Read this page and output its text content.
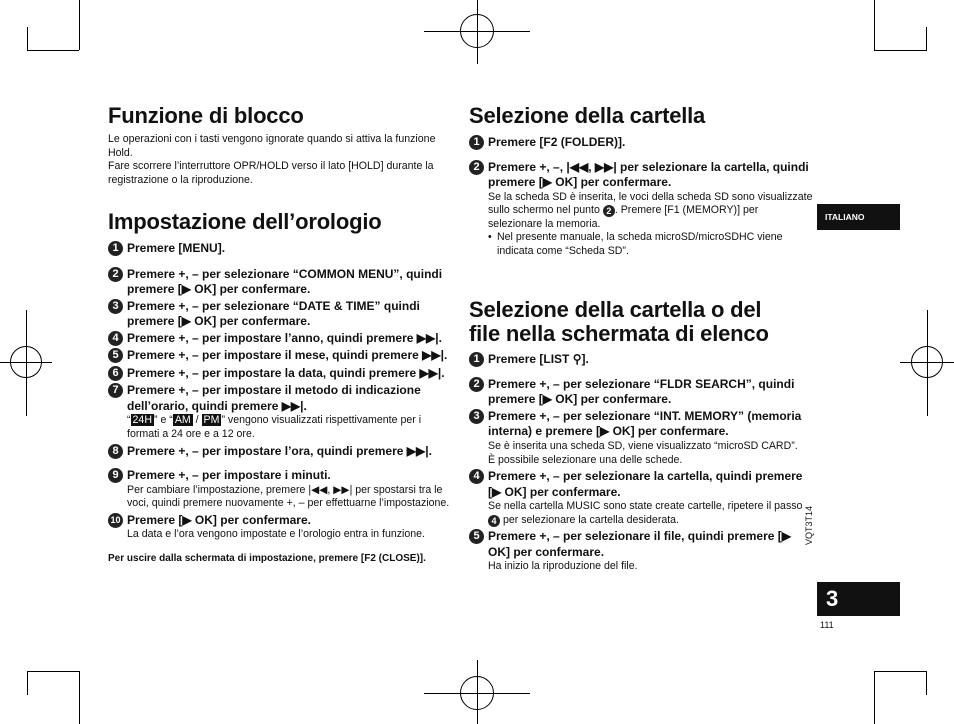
Funzione di blocco
Le operazioni con i tasti vengono ignorate quando si attiva la funzione Hold.
Fare scorrere l’interruttore OPR/HOLD verso il lato [HOLD] durante la registrazione o la riproduzione.
Impostazione dell’orologio
1 Premere [MENU].
2 Premere +, – per selezionare “COMMON MENU”, quindi premere [▶ OK] per confermare.
3 Premere +, – per selezionare “DATE & TIME” quindi premere [▶ OK] per confermare.
4 Premere +, – per impostare l’anno, quindi premere ▶▶|.
5 Premere +, – per impostare il mese, quindi premere ▶▶|.
6 Premere +, – per impostare la data, quindi premere ▶▶|.
7 Premere +, – per impostare il metodo di indicazione dell’orario, quindi premere ▶▶|.
“ 24H ” e “ AM / PM ” vengono visualizzati rispettivamente per i formati a 24 ore e a 12 ore.
8 Premere +, – per impostare l’ora, quindi premere ▶▶|.
9 Premere +, – per impostare i minuti.
Per cambiare l’impostazione, premere |◀◀, ▶▶| per spostarsi tra le voci, quindi premere nuovamente +, – per effettuarne l’impostazione.
10 Premere [▶ OK] per confermare.
La data e l’ora vengono impostate e l’orologio entra in funzione.
Per uscire dalla schermata di impostazione, premere [F2 (CLOSE)].
Selezione della cartella
1 Premere [F2 (FOLDER)].
2 Premere +, –, |◀◀, ▶▶| per selezionare la cartella, quindi premere [▶ OK] per confermare.
Se la scheda SD è inserita, le voci della scheda SD sono visualizzate sullo schermo nel punto 2 . Premere [F1 (MEMORY)] per selezionare la memoria.
• Nel presente manuale, la scheda microSD/microSDHC viene indicata come “Scheda SD”.
Selezione della cartella o del
file nella schermata di elenco
1 Premere [LIST ⚲].
2 Premere +, – per selezionare “FLDR SEARCH”, quindi premere [▶ OK] per confermare.
3 Premere +, – per selezionare “INT. MEMORY” (memoria interna) e premere [▶ OK] per confermare.
Se è inserita una scheda SD, viene visualizzato “microSD CARD”.
È possibile selezionare una delle schede.
4 Premere +, – per selezionare la cartella, quindi premere [▶ OK] per confermare.
Se nella cartella MUSIC sono state create cartelle, ripetere il passo 4 per selezionare la cartella desiderata.
5 Premere +, – per selezionare il file, quindi premere [▶ OK] per confermare.
Ha inizio la riproduzione del file.
ITALIANO
VQT3T14
3
111
